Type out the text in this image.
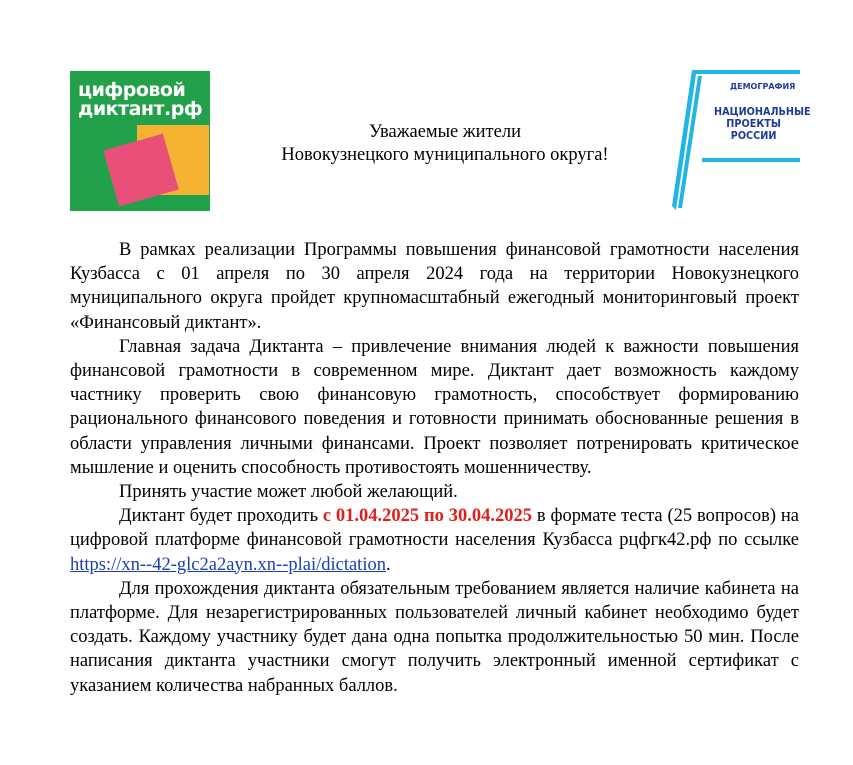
цифровой
диктант.рф
ДЕМОГРАФИЯ
НАЦИОНАЛЬНЫЕ
ПРОЕКТЫ
РОССИИ
Уважаемые жители
Новокузнецкого муниципального округа!

В рамках реализации Программы повышения финансовой грамотности населения Кузбасса с 01 апреля по 30 апреля 2024 года на территории Новокузнецкого муниципального округа пройдет крупномасштабный ежегодный мониторинговый проект «Финансовый диктант».

Главная задача Диктанта – привлечение внимания людей к важности повышения финансовой грамотности в современном мире. Диктант дает возможность каждому частнику проверить свою финансовую грамотность, способствует формированию рационального финансового поведения и готовности принимать обоснованные решения в области управления личными финансами. Проект позволяет потренировать критическое мышление и оценить способность противостоять мошенничеству.

Принять участие может любой желающий.

Диктант будет проходить с 01.04.2025 по 30.04.2025 в формате теста (25 вопросов) на цифровой платформе финансовой грамотности населения Кузбасса рцфгк42.рф по ссылке https://xn--42-glc2a2ayn.xn--plai/dictation.

Для прохождения диктанта обязательным требованием является наличие кабинета на платформе. Для незарегистрированных пользователей личный кабинет необходимо будет создать. Каждому участнику будет дана одна попытка продолжительностью 50 мин. После написания диктанта участники смогут получить электронный именной сертификат с указанием количества набранных баллов.
